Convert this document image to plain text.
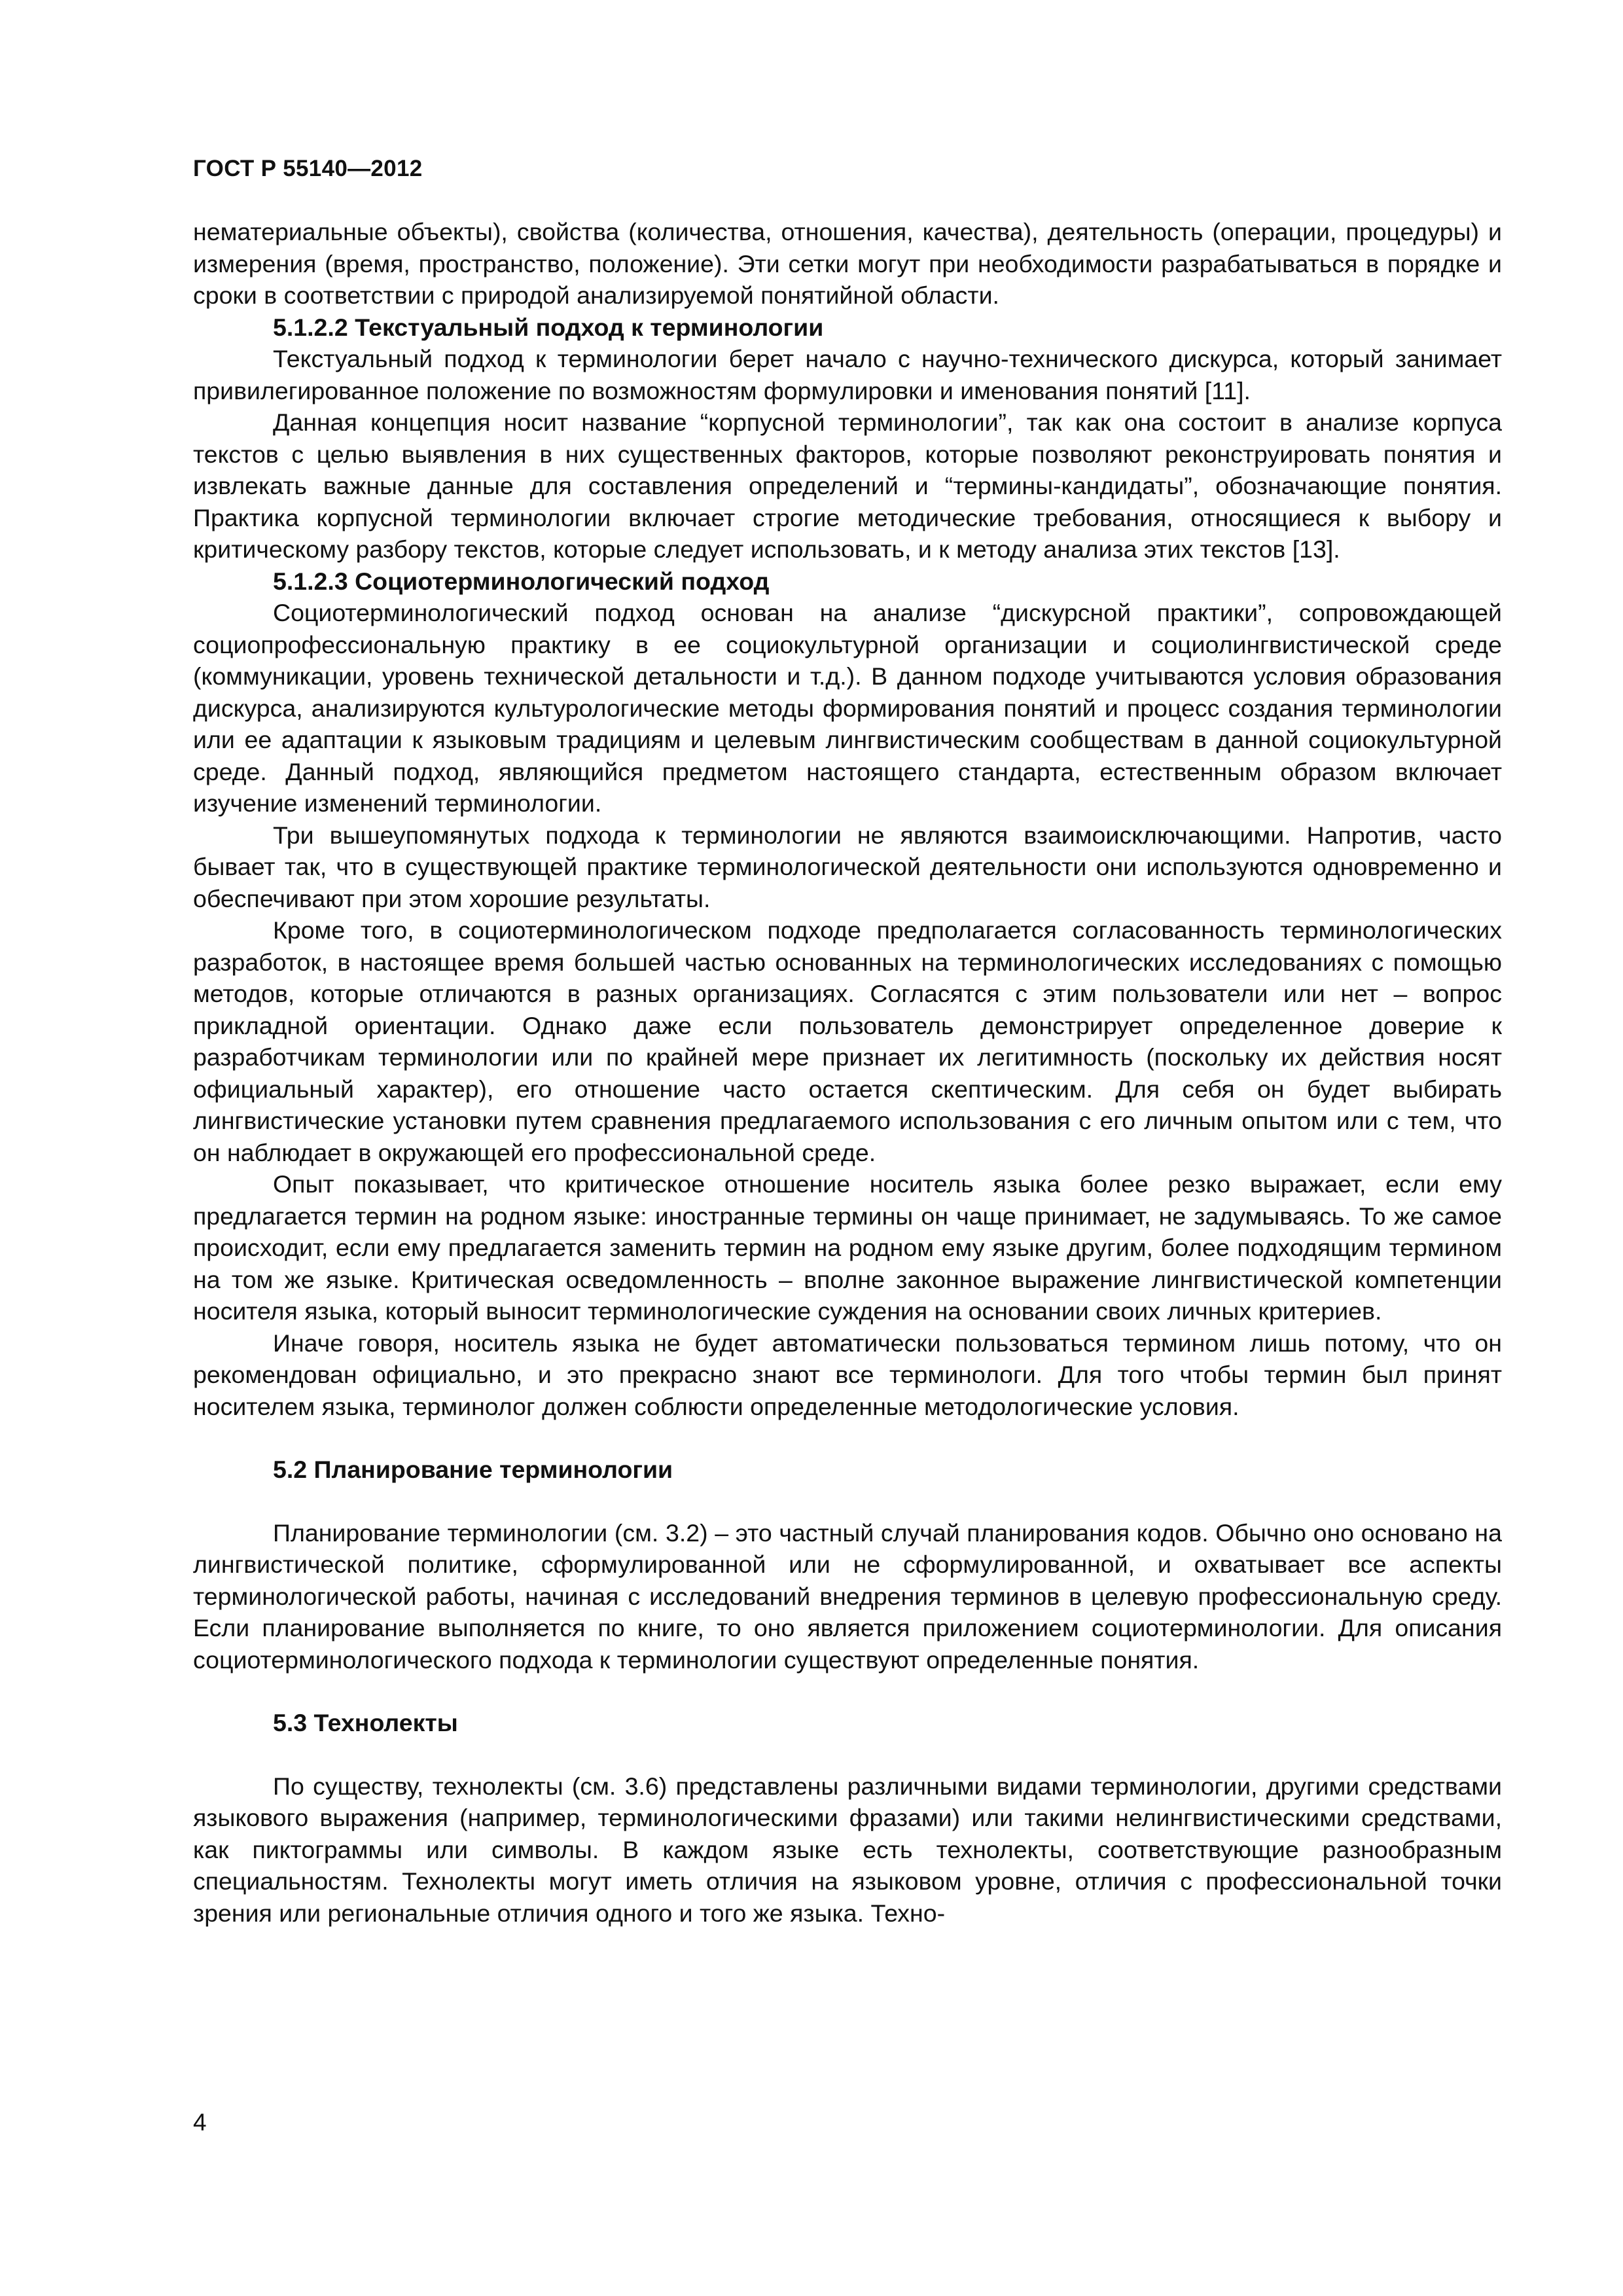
ГОСТ Р 55140—2012

нематериальные объекты), свойства (количества, отношения, качества), деятельность (операции, процедуры) и измерения (время, пространство, положение). Эти сетки могут при необходимости разрабатываться в порядке и сроки в соответствии с природой анализируемой понятийной области.

5.1.2.2 Текстуальный подход к терминологии

Текстуальный подход к терминологии берет начало с научно-технического дискурса, который занимает привилегированное положение по возможностям формулировки и именования понятий [11].

Данная концепция носит название “корпусной терминологии”, так как она состоит в анализе корпуса текстов с целью выявления в них существенных факторов, которые позволяют реконструировать понятия и извлекать важные данные для составления определений и “термины-кандидаты”, обозначающие понятия. Практика корпусной терминологии включает строгие методические требования, относящиеся к выбору и критическому разбору текстов, которые следует использовать, и к методу анализа этих текстов [13].

5.1.2.3 Социотерминологический подход

Социотерминологический подход основан на анализе “дискурсной практики”, сопровождающей социопрофессиональную практику в ее социокультурной организации и социолингвистической среде (коммуникации, уровень технической детальности и т.д.). В данном подходе учитываются условия образования дискурса, анализируются культурологические методы формирования понятий и процесс создания терминологии или ее адаптации к языковым традициям и целевым лингвистическим сообществам в данной социокультурной среде. Данный подход, являющийся предметом настоящего стандарта, естественным образом включает изучение изменений терминологии.

Три вышеупомянутых подхода к терминологии не являются взаимоисключающими. Напротив, часто бывает так, что в существующей практике терминологической деятельности они используются одновременно и обеспечивают при этом хорошие результаты.

Кроме того, в социотерминологическом подходе предполагается согласованность терминологических разработок, в настоящее время большей частью основанных на терминологических исследованиях с помощью методов, которые отличаются в разных организациях. Согласятся с этим пользователи или нет – вопрос прикладной ориентации. Однако даже если пользователь демонстрирует определенное доверие к разработчикам терминологии или по крайней мере признает их легитимность (поскольку их действия носят официальный характер), его отношение часто остается скептическим. Для себя он будет выбирать лингвистические установки путем сравнения предлагаемого использования с его личным опытом или с тем, что он наблюдает в окружающей его профессиональной среде.

Опыт показывает, что критическое отношение носитель языка более резко выражает, если ему предлагается термин на родном языке: иностранные термины он чаще принимает, не задумываясь. То же самое происходит, если ему предлагается заменить термин на родном ему языке другим, более подходящим термином на том же языке. Критическая осведомленность – вполне законное выражение лингвистической компетенции носителя языка, который выносит терминологические суждения на основании своих личных критериев.

Иначе говоря, носитель языка не будет автоматически пользоваться термином лишь потому, что он рекомендован официально, и это прекрасно знают все терминологи. Для того чтобы термин был принят носителем языка, терминолог должен соблюсти определенные методологические условия.

5.2 Планирование терминологии

Планирование терминологии (см. 3.2) – это частный случай планирования кодов. Обычно оно основано на лингвистической политике, сформулированной или не сформулированной, и охватывает все аспекты терминологической работы, начиная с исследований внедрения терминов в целевую профессиональную среду. Если планирование выполняется по книге, то оно является приложением социотерминологии. Для описания социотерминологического подхода к терминологии существуют определенные понятия.

5.3 Технолекты

По существу, технолекты (см. 3.6) представлены различными видами терминологии, другими средствами языкового выражения (например, терминологическими фразами) или такими нелингвистическими средствами, как пиктограммы или символы. В каждом языке есть технолекты, соответствующие разнообразным специальностям. Технолекты могут иметь отличия на языковом уровне, отличия с профессиональной точки зрения или региональные отличия одного и того же языка. Техно-

4
